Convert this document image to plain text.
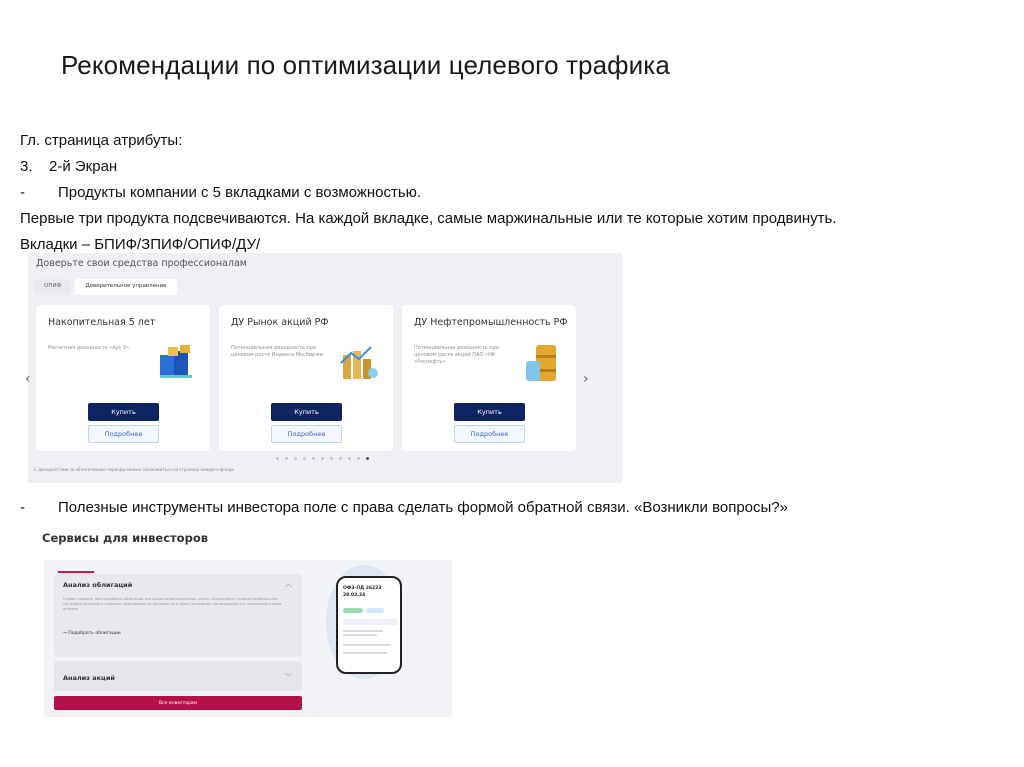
Рекомендации по оптимизации целевого трафика
Гл. страница атрибуты:
3.	2-й Экран
-	Продукты компании с 5 вкладками с возможностью.
Первые три продукта подсвечиваются. На каждой вкладке, самые маржинальные или те которые хотим продвинуть.
Вкладки – БПИФ/ЗПИФ/ОПИФ/ДУ/
Доверьте свои средства профессионалам
ОПИФ	Доверительное управление
‹	›
Накопительная 5 лет
Расчетная доходность «Ayk 3»
Купить
Подробнее
ДУ Рынок акций РФ
Потенциальная доходность при ценовом росте Индекса Мосбиржи
Купить
Подробнее
ДУ Нефтепромышленность РФ
Потенциальная доходность при ценовом росте акций ПАО «НК «Роснефть»
Купить
Подробнее
С доходностями за облигативные периоды можно ознакомиться на странице каждого фонда
-	Полезные инструменты инвестора поле с права сделать формой обратной связи. «Возникли вопросы?»
Сервисы для инвесторов
Анализ облигаций	︿
Сервис поможет вам подобрать облигации для ваших инвестиционных целей: Используйте готовые подборки или настройте фильтры и сравните подходящие по доходности и сроку погашения, до выходящего к погашению списка активов
→ Подобрать облигации
Анализ акций	﹀
Все инвесторам
ОФЗ-ПД 26223
28.02.24
